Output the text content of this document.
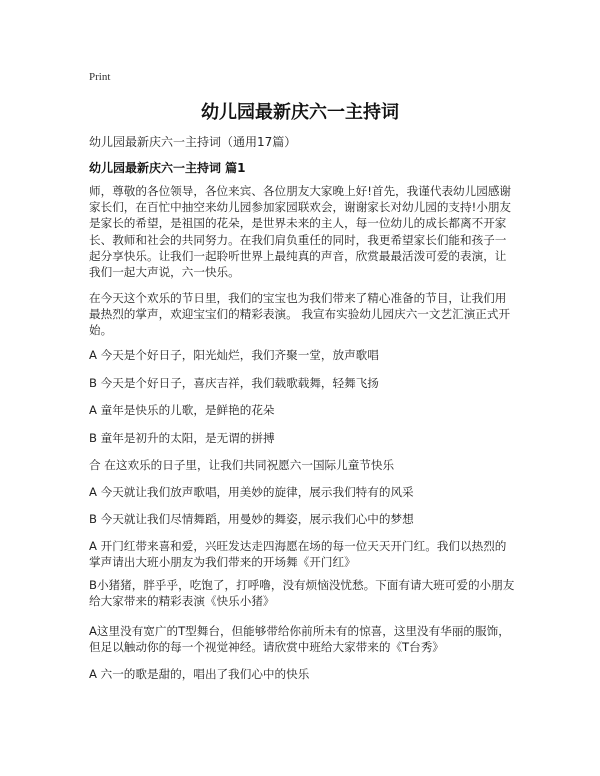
Print
幼儿园最新庆六一主持词

幼儿园最新庆六一主持词（通用17篇）

幼儿园最新庆六一主持词 篇1

师，尊敬的各位领导，各位来宾、各位朋友大家晚上好!首先，我谨代表幼儿园感谢家长们，在百忙中抽空来幼儿园参加家园联欢会，谢谢家长对幼儿园的支持!小朋友是家长的希望，是祖国的花朵，是世界未来的主人，每一位幼儿的成长都离不开家长、教师和社会的共同努力。在我们肩负重任的同时，我更希望家长们能和孩子一起分享快乐。让我们一起聆听世界上最纯真的声音，欣赏最最活泼可爱的表演，让我们一起大声说，六一快乐。

在今天这个欢乐的节日里，我们的宝宝也为我们带来了精心准备的节目，让我们用最热烈的掌声，欢迎宝宝们的精彩表演。 我宣布实验幼儿园庆六一文艺汇演正式开始。

A 今天是个好日子，阳光灿烂，我们齐聚一堂，放声歌唱

B 今天是个好日子，喜庆吉祥，我们载歌载舞，轻舞飞扬

A 童年是快乐的儿歌，是鲜艳的花朵

B 童年是初升的太阳，是无谓的拼搏

合 在这欢乐的日子里，让我们共同祝愿六一国际儿童节快乐

A 今天就让我们放声歌唱，用美妙的旋律，展示我们特有的风采

B 今天就让我们尽情舞蹈，用曼妙的舞姿，展示我们心中的梦想

A 开门红带来喜和爱，兴旺发达走四海愿在场的每一位天天开门红。我们以热烈的掌声请出大班小朋友为我们带来的开场舞《开门红》

B小猪猪，胖乎乎，吃饱了，打呼噜，没有烦恼没忧愁。下面有请大班可爱的小朋友给大家带来的精彩表演《快乐小猪》

A这里没有宽广的T型舞台，但能够带给你前所未有的惊喜，这里没有华丽的服饰，但足以触动你的每一个视觉神经。请欣赏中班给大家带来的《T台秀》

A 六一的歌是甜的，唱出了我们心中的快乐
